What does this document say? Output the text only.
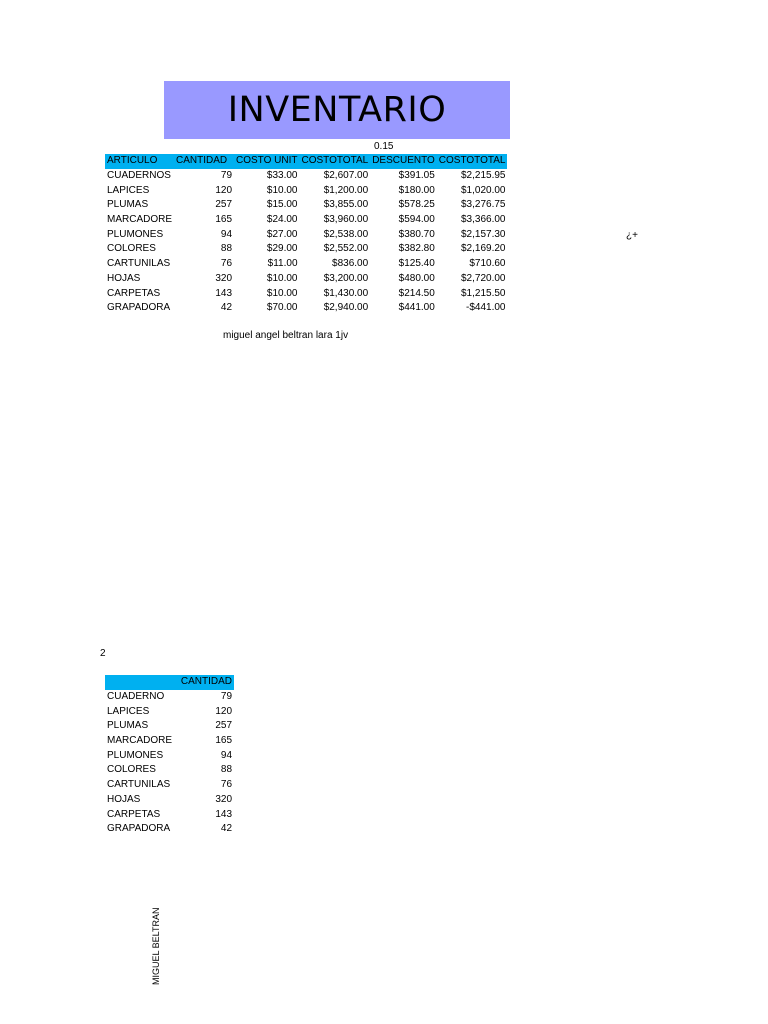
INVENTARIO
0.15
ARTICULO	CANTIDAD	COSTO UNIT	COSTOTOTAL	DESCUENTO	COSTOTOTAL
CUADERNOS	79	$33.00	$2,607.00	$391.05	$2,215.95
LAPICES	120	$10.00	$1,200.00	$180.00	$1,020.00
PLUMAS	257	$15.00	$3,855.00	$578.25	$3,276.75
MARCADORE	165	$24.00	$3,960.00	$594.00	$3,366.00
PLUMONES	94	$27.00	$2,538.00	$380.70	$2,157.30
COLORES	88	$29.00	$2,552.00	$382.80	$2,169.20
CARTUNILAS	76	$11.00	$836.00	$125.40	$710.60
HOJAS	320	$10.00	$3,200.00	$480.00	$2,720.00
CARPETAS	143	$10.00	$1,430.00	$214.50	$1,215.50
GRAPADORA	42	$70.00	$2,940.00	$441.00	-$441.00
miguel angel beltran lara 1jv
¿+
2
	CANTIDAD
CUADERNO	79
LAPICES	120
PLUMAS	257
MARCADORE	165
PLUMONES	94
COLORES	88
CARTUNILAS	76
HOJAS	320
CARPETAS	143
GRAPADORA	42
MIGUEL BELTRAN
